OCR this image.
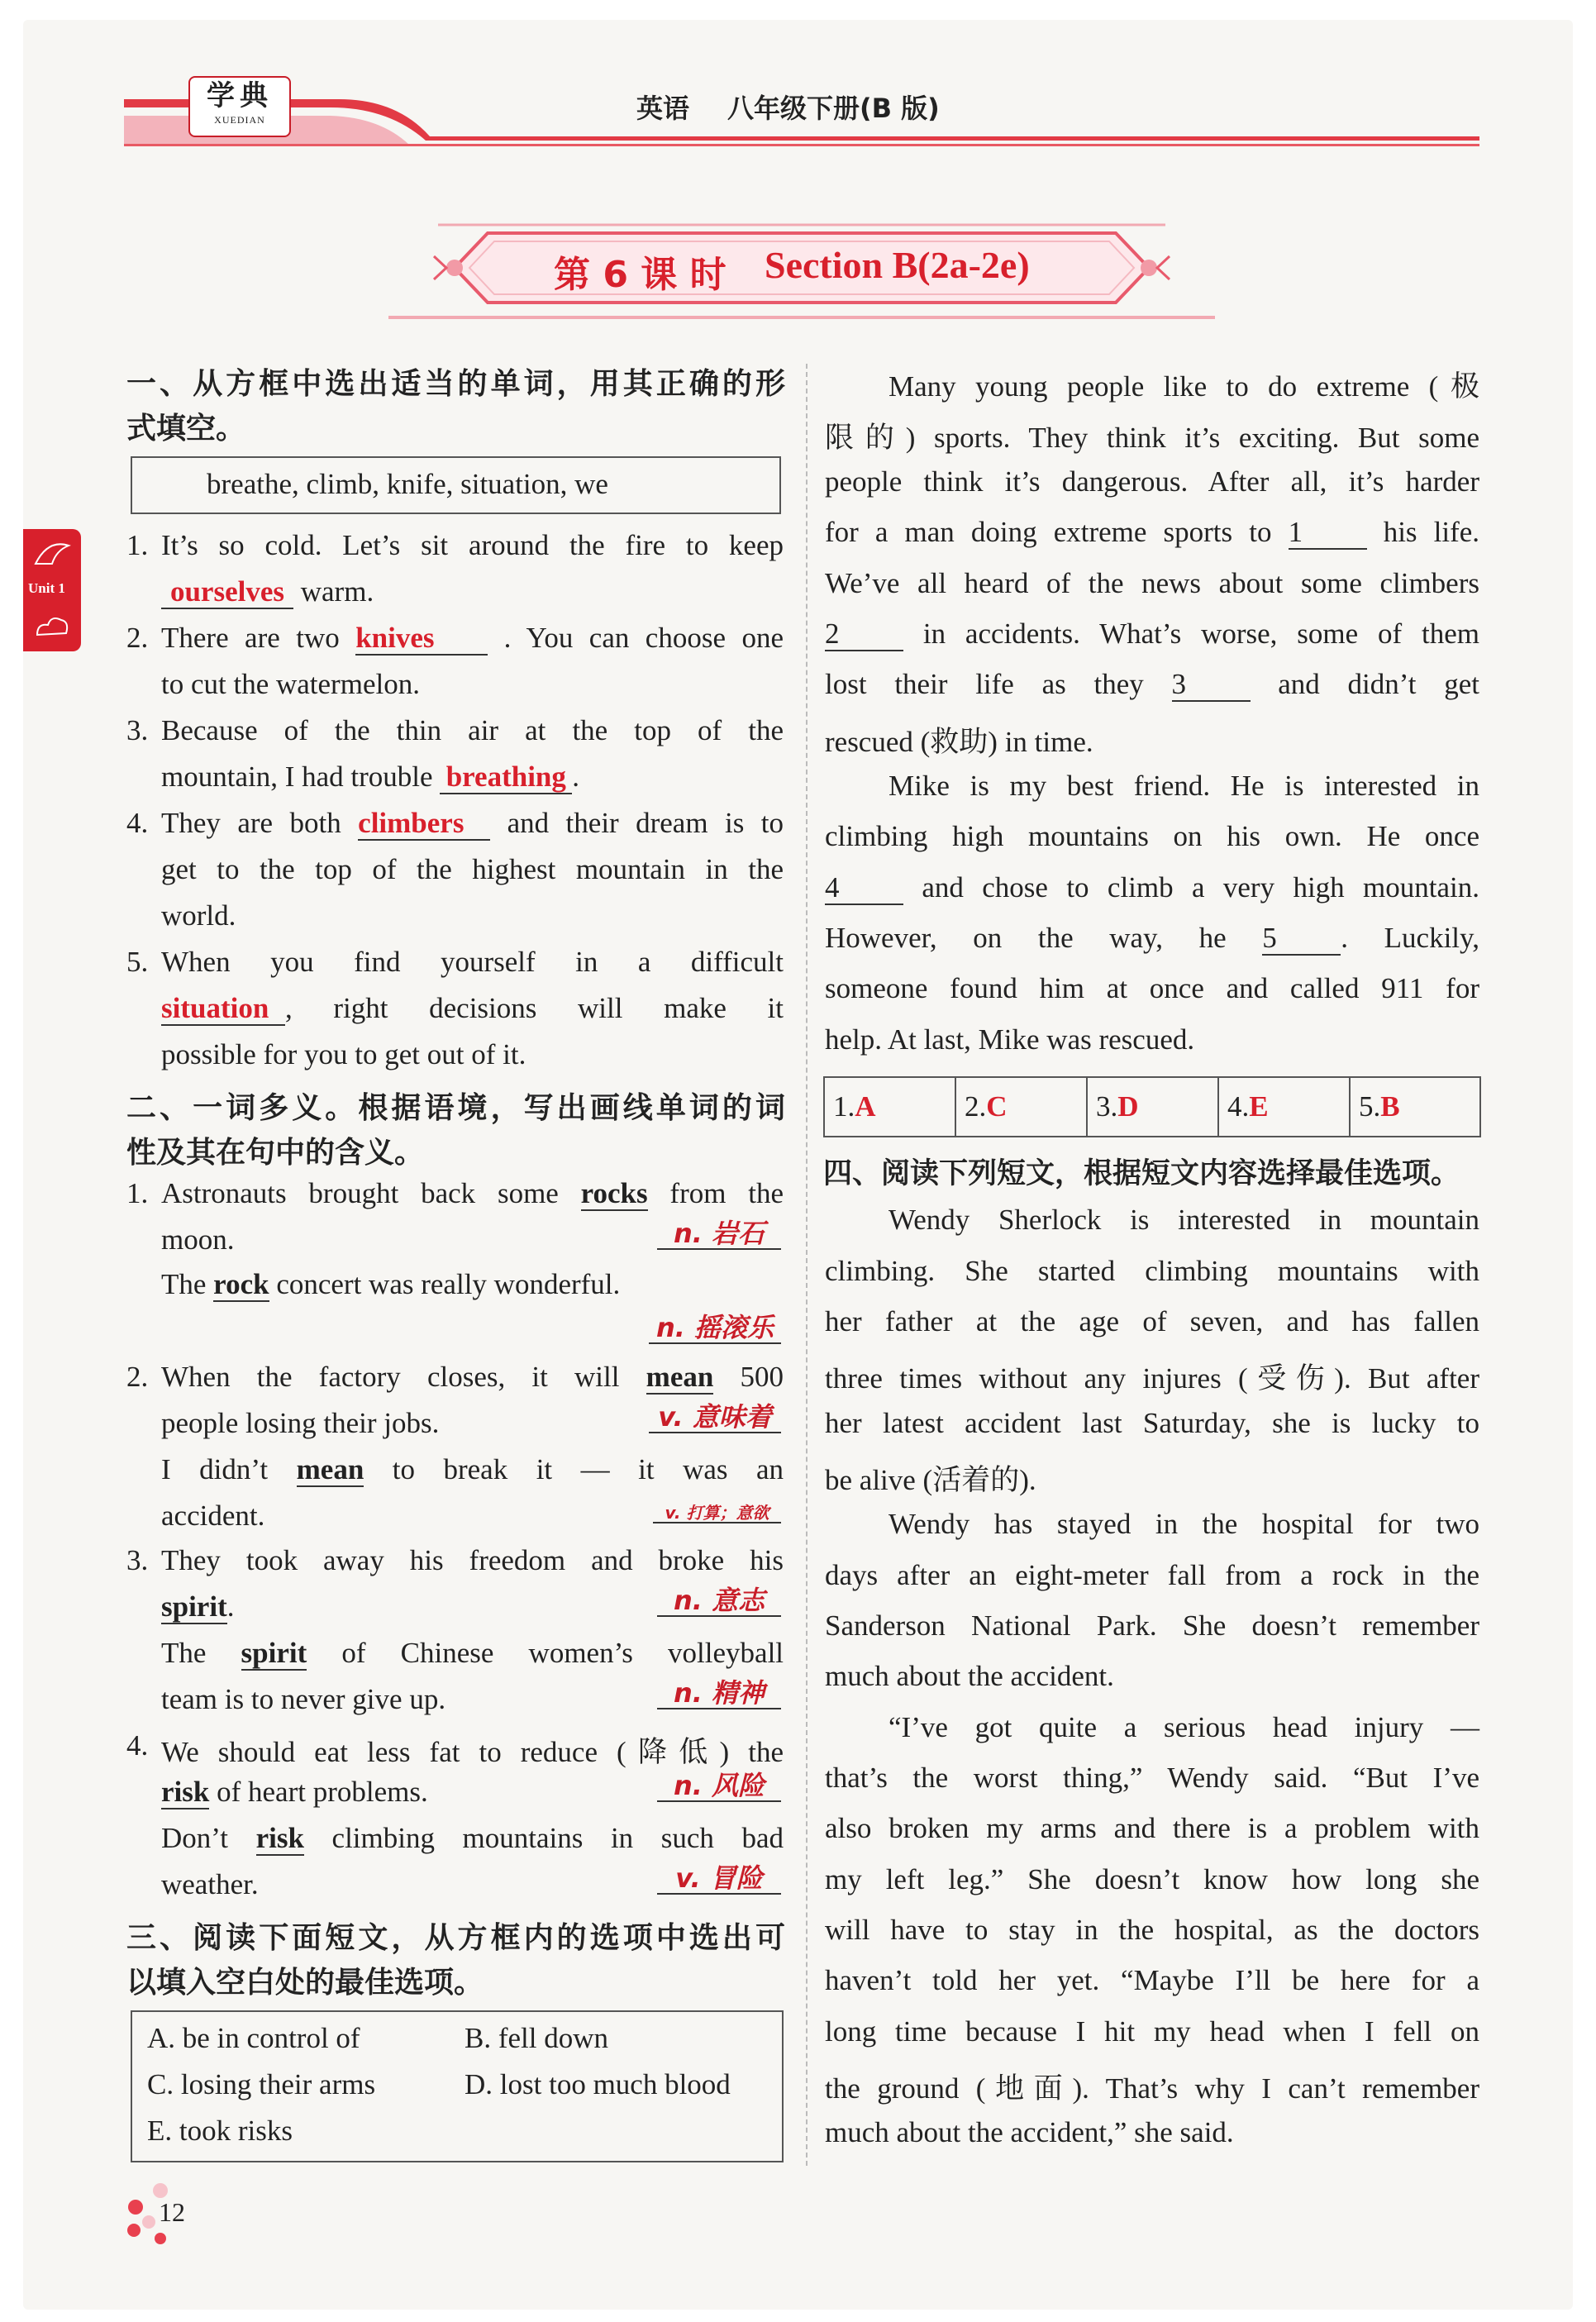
学典
XUEDIAN	英语 八年级下册(B 版)
第 6 课 时 Section B(2a-2e)
Unit 1
一、从方框中选出适当的单词，用其正确的形
式填空。
breathe, climb, knife, situation, we
1. It’s so cold. Let’s sit around the fire to keep
ourselves warm.
2. There are two knives . You can choose one
to cut the watermelon.
3. Because of the thin air at the top of the
mountain, I had trouble breathing .
4. They are both climbers and their dream is to
get to the top of the highest mountain in the
world.
5. When you find yourself in a difficult
situation , right decisions will make it
possible for you to get out of it.
二、一词多义。根据语境，写出画线单词的词
性及其在句中的含义。
1. Astronauts brought back some rocks from the
moon.	n. 岩石
The rock concert was really wonderful.
n. 摇滚乐
2. When the factory closes, it will mean 500
people losing their jobs.	v. 意味着
I didn’t mean to break it — it was an
accident.	v. 打算；意欲
3. They took away his freedom and broke his
spirit.	n. 意志
The spirit of Chinese women’s volleyball
team is to never give up.	n. 精神
4. We should eat less fat to reduce (降低) the
risk of heart problems.	n. 风险
Don’t risk climbing mountains in such bad
weather.	v. 冒险
三、阅读下面短文，从方框内的选项中选出可
以填入空白处的最佳选项。
A. be in control of	B. fell down
C. losing their arms	D. lost too much blood
E. took risks
Many young people like to do extreme (极
限的) sports. They think it’s exciting. But some
people think it’s dangerous. After all, it’s harder
for a man doing extreme sports to 1	his life.
We’ve all heard of the news about some climbers
2	in accidents. What’s worse, some of them
lost their life as they 3	and didn’t get
rescued (救助) in time.
Mike is my best friend. He is interested in
climbing high mountains on his own. He once
4	and chose to climb a very high mountain.
However, on the way, he 5 . Luckily,
someone found him at once and called 911 for
help. At last, Mike was rescued.
1.A	2.C	3.D	4.E	5.B
四、阅读下列短文，根据短文内容选择最佳选项。
Wendy Sherlock is interested in mountain
climbing. She started climbing mountains with
her father at the age of seven, and has fallen
three times without any injures (受伤). But after
her latest accident last Saturday, she is lucky to
be alive (活着的).
Wendy has stayed in the hospital for two
days after an eight-meter fall from a rock in the
Sanderson National Park. She doesn’t remember
much about the accident.
“I’ve got quite a serious head injury —
that’s the worst thing,” Wendy said. “But I’ve
also broken my arms and there is a problem with
my left leg.” She doesn’t know how long she
will have to stay in the hospital, as the doctors
haven’t told her yet. “Maybe I’ll be here for a
long time because I hit my head when I fell on
the ground (地面). That’s why I can’t remember
much about the accident,” she said.
12
